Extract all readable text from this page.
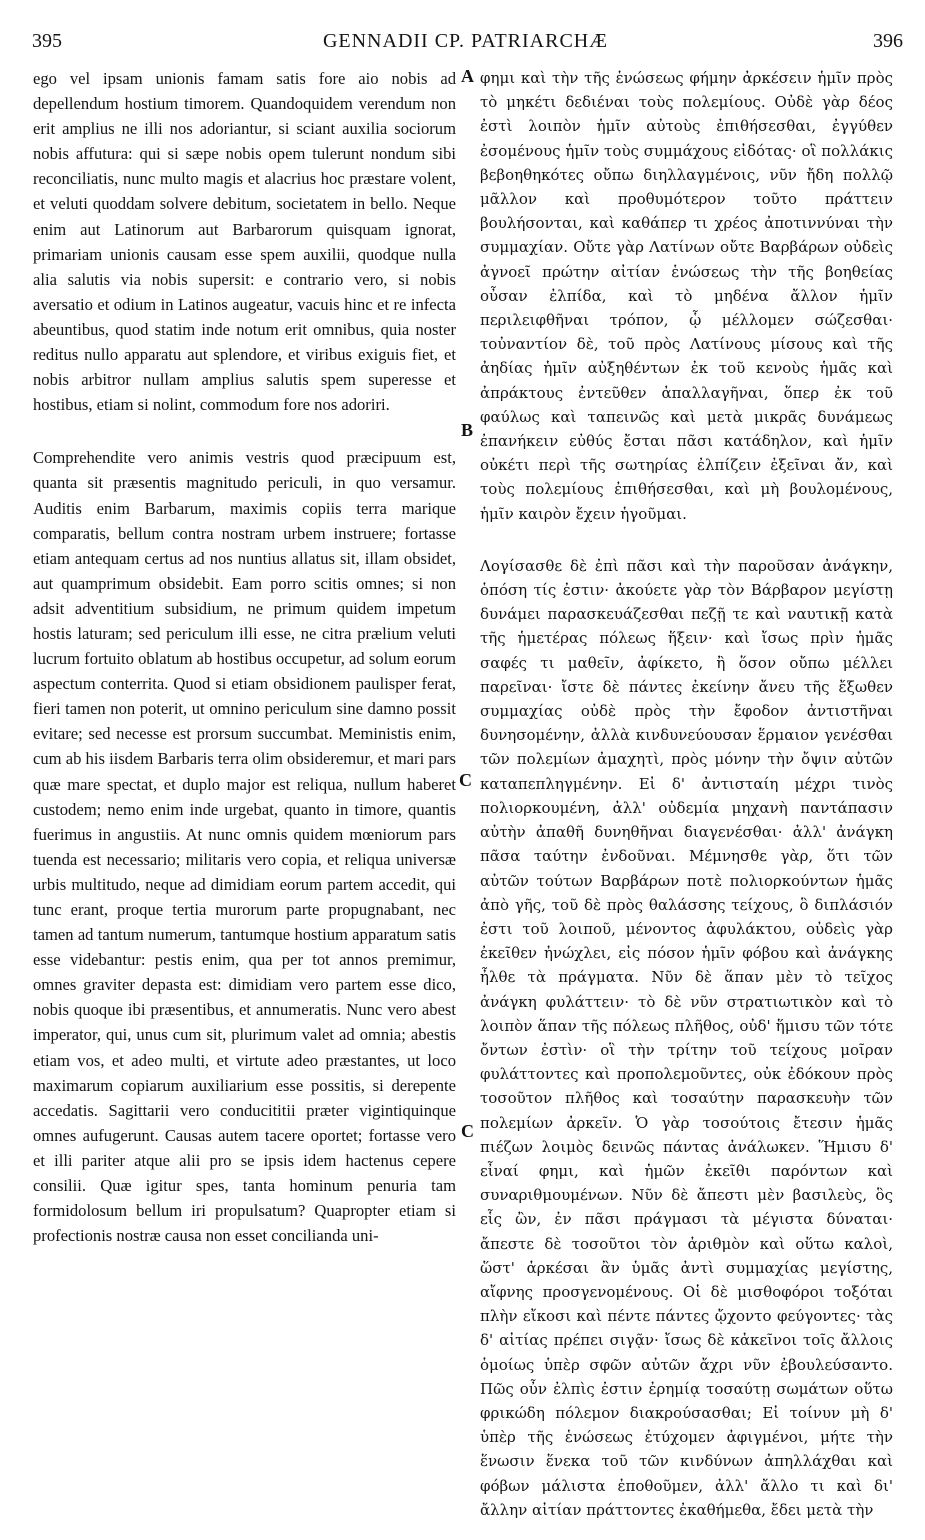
395	GENNADII CP. PATRIARCHÆ	396

ego vel ipsam unionis famam satis fore aio nobis ad depellendum hostium timorem. Quandoquidem verendum non erit amplius ne illi nos adoriantur, si sciant auxilia sociorum nobis affutura: qui si sæpe nobis opem tulerunt nondum sibi reconciliatis, nunc multo magis et alacrius hoc præstare volent, et veluti quoddam solvere debitum, societatem in bello. Neque enim aut Latinorum aut Barbarorum quisquam ignorat, primariam unionis causam esse spem auxilii, quodque nulla alia salutis via nobis supersit: e contrario vero, si nobis aversatio et odium in Latinos augeatur, vacuis hinc et re infecta abeuntibus, quod statim inde notum erit omnibus, quia noster reditus nullo apparatu aut splendore, et viribus exiguis fiet, et nobis arbitror nullam amplius salutis spem superesse et hostibus, etiam si nolint, commodum fore nos adoriri.

Comprehendite vero animis vestris quod præcipuum est, quanta sit præsentis magnitudo periculi, in quo versamur. Auditis enim Barbarum, maximis copiis terra marique comparatis, bellum contra nostram urbem instruere; fortasse etiam antequam certus ad nos nuntius allatus sit, illam obsidet, aut quamprimum obsidebit. Eam porro scitis omnes; si non adsit adventitium subsidium, ne primum quidem impetum hostis laturam; sed periculum illi esse, ne citra prælium veluti lucrum fortuito oblatum ab hostibus occupetur, ad solum eorum aspectum conterrita. Quod si etiam obsidionem paulisper ferat, fieri tamen non poterit, ut omnino periculum sine damno possit evitare; sed necesse est prorsum succumbat. Meministis enim, cum ab his iisdem Barbaris terra olim obsideremur, et mari pars quæ mare spectat, et duplo major est reliqua, nullum haberet custodem; nemo enim inde urgebat, quanto in timore, quantis fuerimus in angustiis. At nunc omnis quidem mœniorum pars tuenda est necessario; militaris vero copia, et reliqua universæ urbis multitudo, neque ad dimidiam eorum partem accedit, qui tunc erant, proque tertia murorum parte propugnabant, nec tamen ad tantum numerum, tantumque hostium apparatum satis esse videbantur: pestis enim, qua per tot annos premimur, omnes graviter depasta est: dimidiam vero partem esse dico, nobis quoque ibi præsentibus, et annumeratis. Nunc vero abest imperator, qui, unus cum sit, plurimum valet ad omnia; abestis etiam vos, et adeo multi, et virtute adeo præstantes, ut loco maximarum copiarum auxiliarium esse possitis, si derepente accedatis. Sagittarii vero conducititii præter vigintiquinque omnes aufugerunt. Causas autem tacere oportet; fortasse vero et illi pariter atque alii pro se ipsis idem hactenus cepere consilii. Quæ igitur spes, tanta hominum penuria tam formidolosum bellum iri propulsatum? Quapropter etiam si profectionis nostræ causa non esset concilianda uni-

A
B
C
C

φημι καὶ τὴν τῆς ἑνώσεως φήμην ἀρκέσειν ἡμῖν πρὸς τὸ μηκέτι δεδιέναι τοὺς πολεμίους. Οὐδὲ γὰρ δέος ἐστὶ λοιπὸν ἡμῖν αὐτοὺς ἐπιθήσεσθαι, ἐγγύθεν ἐσομένους ἡμῖν τοὺς συμμάχους εἰδότας· οἳ πολλάκις βεβοηθηκότες οὔπω διηλλαγμένοις, νῦν ἤδη πολλῷ μᾶλλον καὶ προθυμότερον τοῦτο πράττειν βουλήσονται, καὶ καθάπερ τι χρέος ἀποτιννύναι τὴν συμμαχίαν. Οὔτε γὰρ Λατίνων οὔτε Βαρβάρων οὐδεὶς ἀγνοεῖ πρώτην αἰτίαν ἑνώσεως τὴν τῆς βοηθείας οὖσαν ἐλπίδα, καὶ τὸ μηδένα ἄλλον ἡμῖν περιλειφθῆναι τρόπον, ᾧ μέλλομεν σώζεσθαι· τοὐναντίον δὲ, τοῦ πρὸς Λατίνους μίσους καὶ τῆς ἀηδίας ἡμῖν αὐξηθέντων ἐκ τοῦ κενοὺς ἡμᾶς καὶ ἀπράκτους ἐντεῦθεν ἀπαλλαγῆναι, ὅπερ ἐκ τοῦ φαύλως καὶ ταπεινῶς καὶ μετὰ μικρᾶς δυνάμεως ἐπανήκειν εὐθύς ἔσται πᾶσι κατάδηλον, καὶ ἡμῖν οὐκέτι περὶ τῆς σωτηρίας ἐλπίζειν ἐξεῖναι ἄν, καὶ τοὺς πολεμίους ἐπιθήσεσθαι, καὶ μὴ βουλομένους, ἡμῖν καιρὸν ἔχειν ἡγοῦμαι.

Λογίσασθε δὲ ἐπὶ πᾶσι καὶ τὴν παροῦσαν ἀνάγκην, ὁπόση τίς ἐστιν· ἀκούετε γὰρ τὸν Βάρβαρον μεγίστῃ δυνάμει παρασκευάζεσθαι πεζῇ τε καὶ ναυτικῇ κατὰ τῆς ἡμετέρας πόλεως ἥξειν· καὶ ἴσως πρὶν ἡμᾶς σαφές τι μαθεῖν, ἀφίκετο, ἢ ὅσον οὔπω μέλλει παρεῖναι· ἴστε δὲ πάντες ἐκείνην ἄνευ τῆς ἔξωθεν συμμαχίας οὐδὲ πρὸς τὴν ἔφοδον ἀντιστῆναι δυνησομένην, ἀλλὰ κινδυνεύουσαν ἕρμαιον γενέσθαι τῶν πολεμίων ἀμαχητὶ, πρὸς μόνην τὴν ὄψιν αὐτῶν καταπεπληγμένην. Εἰ δ' ἀντισταίη μέχρι τινὸς πολιορκουμένη, ἀλλ' οὐδεμία μηχανὴ παντάπασιν αὐτὴν ἀπαθῆ δυνηθῆναι διαγενέσθαι· ἀλλ' ἀνάγκη πᾶσα ταύτην ἐνδοῦναι. Μέμνησθε γὰρ, ὅτι τῶν αὐτῶν τούτων Βαρβάρων ποτὲ πολιορκούντων ἡμᾶς ἀπὸ γῆς, τοῦ δὲ πρὸς θαλάσσης τείχους, ὃ διπλάσιόν ἐστι τοῦ λοιποῦ, μένοντος ἀφυλάκτου, οὐδεὶς γὰρ ἐκεῖθεν ἠνώχλει, εἰς πόσον ἡμῖν φόβου καὶ ἀνάγκης ἦλθε τὰ πράγματα. Νῦν δὲ ἅπαν μὲν τὸ τεῖχος ἀνάγκη φυλάττειν· τὸ δὲ νῦν στρατιωτικὸν καὶ τὸ λοιπὸν ἅπαν τῆς πόλεως πλῆθος, οὐδ' ἥμισυ τῶν τότε ὄντων ἐστὶν· οἳ τὴν τρίτην τοῦ τείχους μοῖραν φυλάττοντες καὶ προπολεμοῦντες, οὐκ ἐδόκουν πρὸς τοσοῦτον πλῆθος καὶ τοσαύτην παρασκευὴν τῶν πολεμίων ἀρκεῖν. Ὁ γὰρ τοσούτοις ἔτεσιν ἡμᾶς πιέζων λοιμὸς δεινῶς πάντας ἀνάλωκεν. Ἥμισυ δ' εἶναί φημι, καὶ ἡμῶν ἐκεῖθι παρόντων καὶ συναριθμουμένων. Νῦν δὲ ἄπεστι μὲν βασιλεὺς, ὃς εἷς ὢν, ἐν πᾶσι πράγμασι τὰ μέγιστα δύναται· ἄπεστε δὲ τοσοῦτοι τὸν ἀριθμὸν καὶ οὕτω καλοὶ, ὥστ' ἀρκέσαι ἂν ὑμᾶς ἀντὶ συμμαχίας μεγίστης, αἴφνης προσγενομένους. Οἱ δὲ μισθοφόροι τοξόται πλὴν εἴκοσι καὶ πέντε πάντες ᾤχοντο φεύγοντες· τὰς δ' αἰτίας πρέπει σιγᾷν· ἴσως δὲ κἀκεῖνοι τοῖς ἄλλοις ὁμοίως ὑπὲρ σφῶν αὐτῶν ἄχρι νῦν ἐβουλεύσαντο. Πῶς οὖν ἐλπὶς ἐστιν ἐρημίᾳ τοσαύτῃ σωμάτων οὕτω φρικώδη πόλεμον διακρούσασθαι; Εἰ τοίνυν μὴ δ' ὑπὲρ τῆς ἑνώσεως ἐτύχομεν ἀφιγμένοι, μήτε τὴν ἕνωσιν ἕνεκα τοῦ τῶν κινδύνων ἀπηλλάχθαι καὶ φόβων μάλιστα ἐποθοῦμεν, ἀλλ' ἄλλο τι καὶ δι' ἄλλην αἰτίαν πράττοντες ἐκαθήμεθα, ἔδει μετὰ τὴν
